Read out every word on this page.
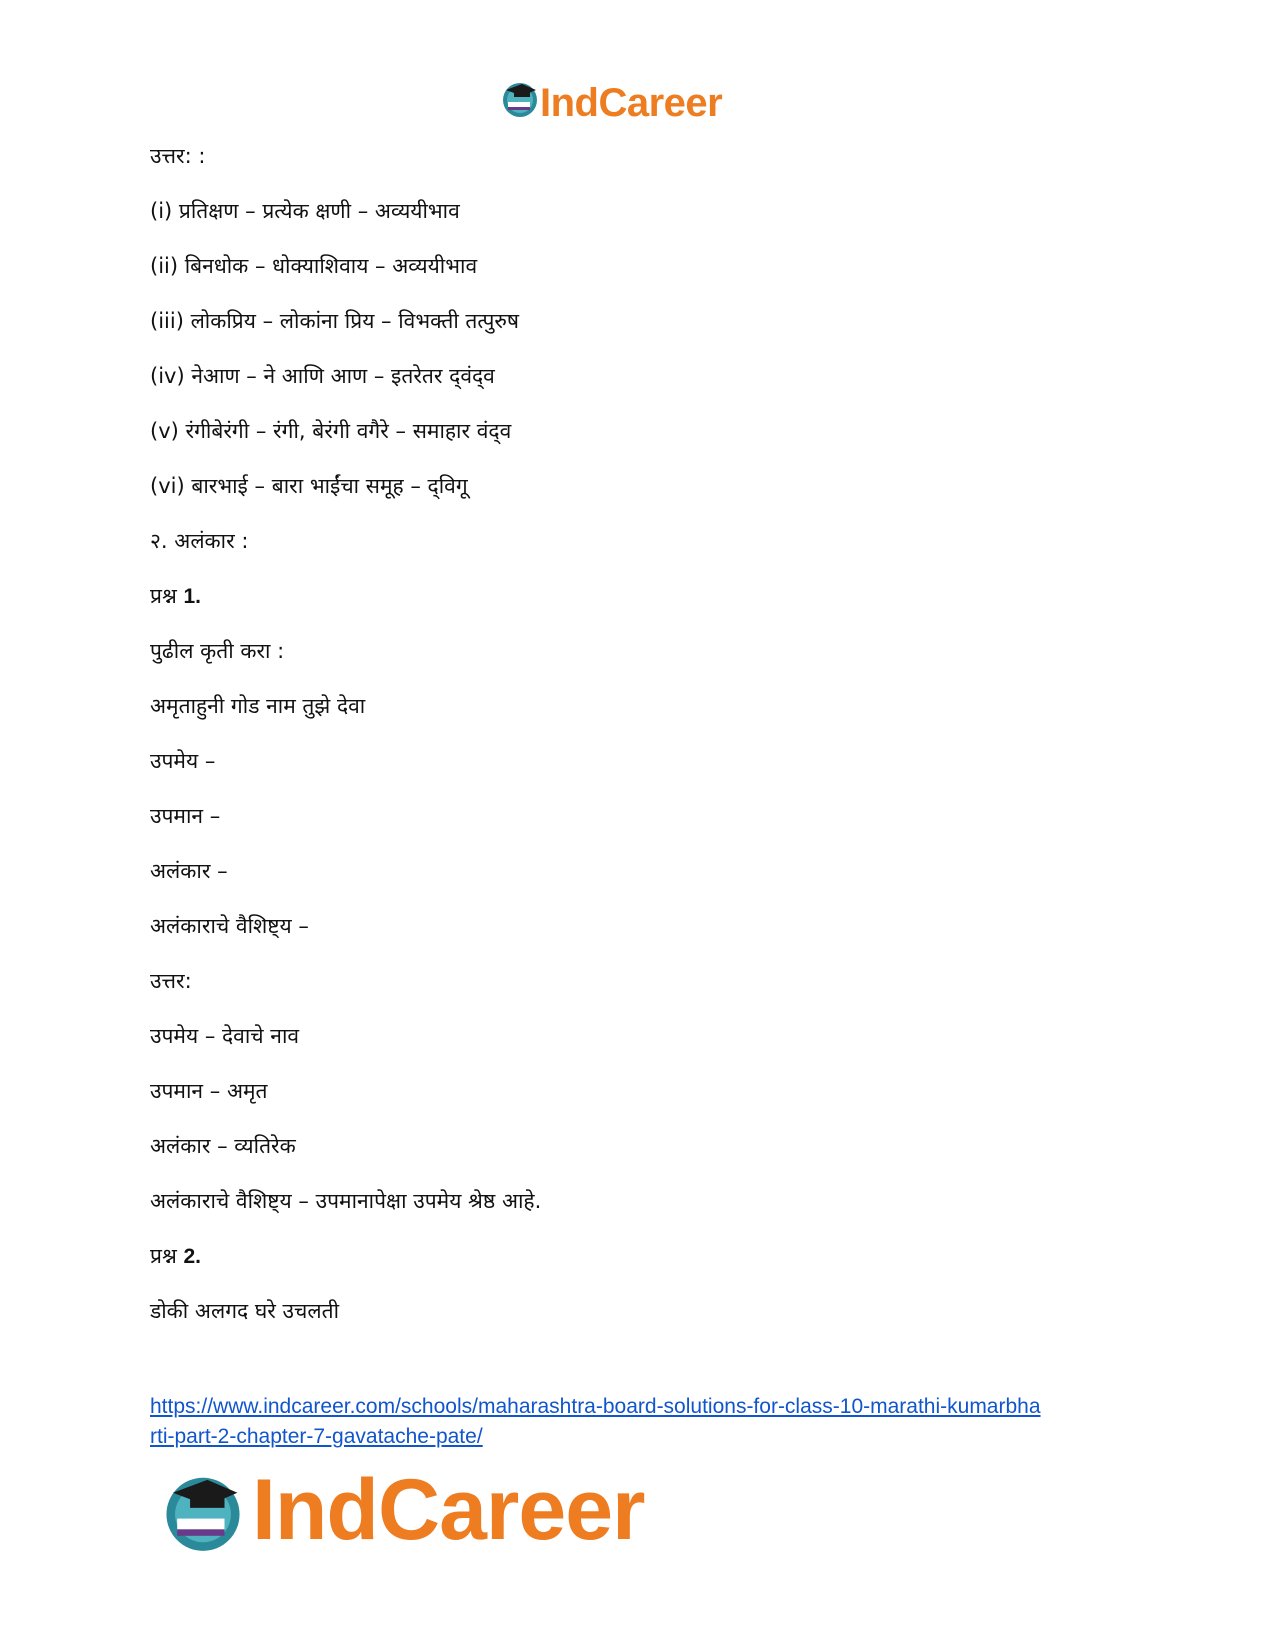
IndCareer

उत्तर: :

(i) प्रतिक्षण – प्रत्येक क्षणी – अव्ययीभाव

(ii) बिनधोक – धोक्याशिवाय – अव्ययीभाव

(iii) लोकप्रिय – लोकांना प्रिय – विभक्ती तत्पुरुष

(iv) नेआण – ने आणि आण – इतरेतर द्‌वंद्‌व

(v) रंगीबेरंगी – रंगी, बेरंगी वगैरे – समाहार वंद्‌व

(vi) बारभाई – बारा भाईंचा समूह – द्‌विगू

२. अलंकार :

प्रश्न 1.

पुढील कृती करा :

अमृताहुनी गोड नाम तुझे देवा

उपमेय –

उपमान –

अलंकार –

अलंकाराचे वैशिष्ट्य –

उत्तर:

उपमेय – देवाचे नाव

उपमान – अमृत

अलंकार – व्यतिरेक

अलंकाराचे वैशिष्ट्य – उपमानापेक्षा उपमेय श्रेष्ठ आहे.

प्रश्न 2.

डोकी अलगद घरे उचलती

https://www.indcareer.com/schools/maharashtra-board-solutions-for-class-10-marathi-kumarbha
rti-part-2-chapter-7-gavatache-pate/
IndCareer
